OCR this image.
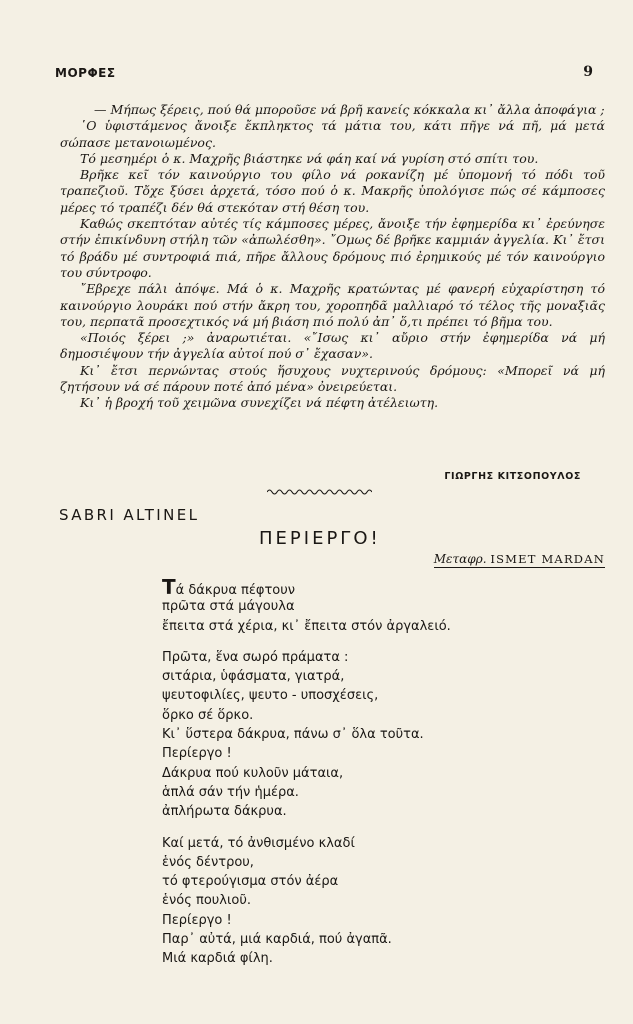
ΜΟΡΦΕΣ	9

— Μήπως ξέρεις, πού θά μποροῦσε νά βρῆ κανείς κόκκαλα κι᾽ ἄλλα ἀποφάγια ;

῾Ο ὑφιστάμενος ἄνοιξε ἔκπληκτος τά μάτια του, κάτι πῆγε νά πῆ, μά μετά σώπασε μετανοιωμένος.

Τό μεσημέρι ὁ κ. Μαχρῆς βιάστηκε νά φάη καί νά γυρίση στό σπίτι του.

Βρῆκε κεῖ τόν καινούργιο του φίλο νά ροκανίζη μέ ὑπομονή τό πόδι τοῦ τραπεζιοῦ. Τὄχε ξύσει ἀρχετά, τόσο πού ὁ κ. Μακρῆς ὑπολόγισε πώς σέ κάμποσες μέρες τό τραπέζι δέν θά στεκόταν στή θέση του.

Καθώς σκεπτόταν αὐτές τίς κάμποσες μέρες, ἄνοιξε τήν ἐφημερίδα κι᾽ ἐρεύνησε στήν ἐπικίνδυνη στήλη τῶν «ἀπωλέσθη». ῎Ομως δέ βρῆκε καμμιάν ἀγγελία. Κι᾽ ἔτσι τό βράδυ μέ συντροφιά πιά, πῆρε ἄλλους δρόμους πιό ἐρημικούς μέ τόν καινούργιο του σύντροφο.

῎Εβρεχε πάλι ἀπόψε. Μά ὁ κ. Μαχρῆς κρατώντας μέ φανερή εὐχαρίστηση τό καινούργιο λουράκι πού στήν ἄκρη του, χοροπηδᾶ μαλλιαρό τό τέλος τῆς μοναξιᾶς του, περπατᾶ προσεχτικός νά μή βιάση πιό πολύ ἀπ᾽ ὅ,τι πρέπει τό βῆμα του.

«Ποιός ξέρει ;» ἀναρωτιέται. «῎Ισως κι᾽ αὔριο στήν ἐφημερίδα νά μή δημοσιέψουν τήν ἀγγελία αὐτοί πού σ᾽ ἔχασαν».

Κι᾽ ἔτσι περνώντας στούς ἥσυχους νυχτερινούς δρόμους: «Μπορεῖ νά μή ζητήσουν νά σέ πάρουν ποτέ ἀπό μένα» ὀνειρεύεται.

Κι᾽ ἡ βροχή τοῦ χειμῶνα συνεχίζει νά πέφτη ἀτέλειωτη.

ΓΙΩΡΓΗΣ ΚΙΤΣΟΠΟΥΛΟΣ
SABRI ALTINEL
ΠΕΡΙΕΡΓΟ!
Μεταφρ. ISMET MARDAN
Τά δάκρυα πέφτουν
πρῶτα στά μάγουλα
ἔπειτα στά χέρια, κι᾽ ἔπειτα στόν ἀργαλειό.
Πρῶτα, ἕνα σωρό πράματα :
σιτάρια, ὑφάσματα, γιατρά,
ψευτοφιλίες, ψευτο - υποσχέσεις,
ὅρκο σέ ὅρκο.
Κι᾽ ὕστερα δάκρυα, πάνω σ᾽ ὅλα τοῦτα.
Περίεργο !
Δάκρυα πού κυλοῦν μάταια,
ἁπλά σάν τήν ἡμέρα.
ἀπλήρωτα δάκρυα.
Καί μετά, τό ἀνθισμένο κλαδί
ἑνός δέντρου,
τό φτερούγισμα στόν ἀέρα
ἑνός πουλιοῦ.
Περίεργο !
Παρ᾽ αὐτά, μιά καρδιά, πού ἀγαπᾶ.
Μιά καρδιά φίλη.
